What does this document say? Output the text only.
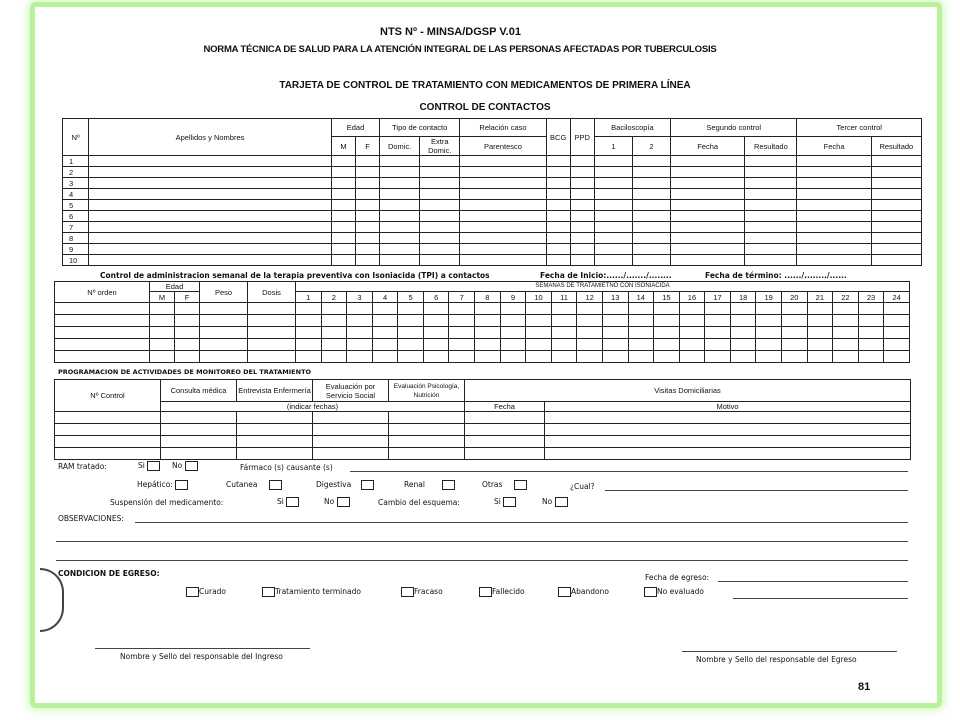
NTS Nº - MINSA/DGSP V.01
NORMA TÉCNICA DE SALUD PARA LA ATENCIÓN INTEGRAL DE LAS PERSONAS AFECTADAS POR TUBERCULOSIS
TARJETA DE CONTROL DE TRATAMIENTO CON MEDICAMENTOS DE PRIMERA LÍNEA
CONTROL DE CONTACTOS
Nº	Apellidos y Nombres	Edad		Tipo de contacto		Relación caso	BCG	PPD	Baciloscopía		Segundo control		Tercer control	
		M	F	Domic.	Extra Domic.	Parentesco			1	2	Fecha	Resultado	Fecha	Resultado
1														
2														
3														
4														
5														
6														
7														
8														
9														
10														
Control de administracion semanal de la terapia preventiva con Isoniacida (TPI) a contactos	Fecha de Inicio:....../......./........	Fecha de término: ....../......../......
Nº orden	Edad		Peso	Dosis	SEMANAS DE TRATAMIETNO CON ISONIACIDA																							
	M	F			1	2	3	4	5	6	7	8	9	10	11	12	13	14	15	16	17	18	19	20	21	22	23	24

PROGRAMACION DE ACTIVIDADES DE MONITOREO DEL TRATAMIENTO
Nº Control	Consulta médica	Entrevista Enfermería	Evaluación por Servicio Social	Evaluación Psicología, Nutrición	Visitas Domiciliarias	
	(indicar fechas)				Fecha	Motivo

RAM tratado:	Si	No	Fármaco (s) causante (s)
Hepático:	Cutanea	Digestiva	Renal	Otras	¿Cual?
Suspensión del medicamento:	Si	No	Cambio del esquema:	Si	No
OBSERVACIONES:
CONDICION DE EGRESO:	Fecha de egreso:
Curado	Tratamiento terminado	Fracaso	Fallecido	Abandono	No evaluado
Nombre y Sello del responsable del Ingreso	Nombre y Sello del responsable del Egreso
81
